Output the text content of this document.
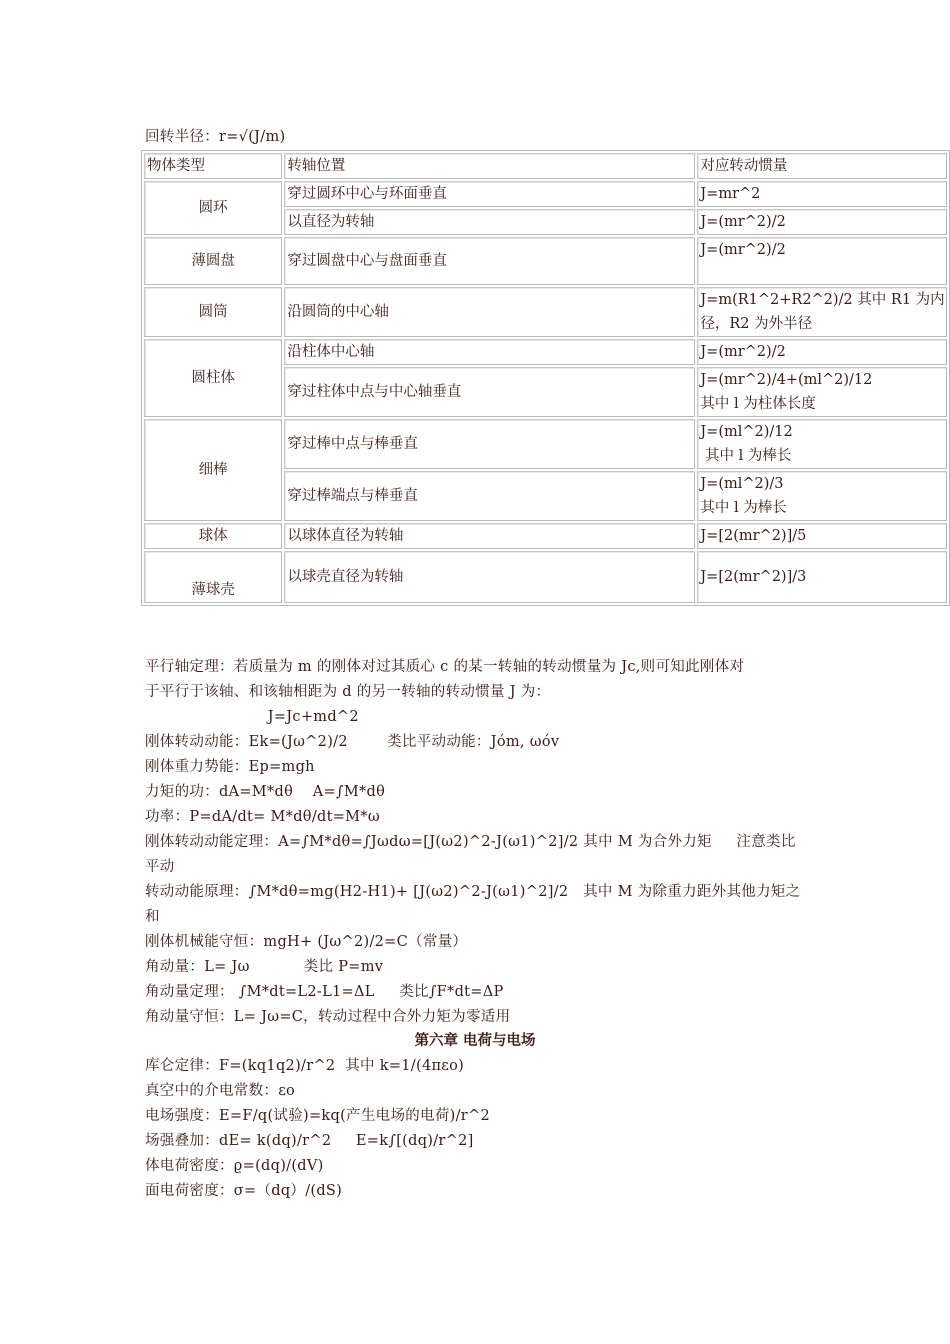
回转半径：r=√(J/m)
物体类型	转轴位置	对应转动惯量
圆环	穿过圆环中心与环面垂直	J=mr^2
	以直径为转轴	J=(mr^2)/2
薄圆盘	穿过圆盘中心与盘面垂直	J=(mr^2)/2
圆筒	沿圆筒的中心轴	J=m(R1^2+R2^2)/2 其中 R1 为内
径，R2 为外半径

圆柱体	沿柱体中心轴	J=(mr^2)/2
	穿过柱体中点与中心轴垂直	J=(mr^2)/4+(ml^2)/12
其中 l 为柱体长度

细棒	穿过棒中点与棒垂直	J=(ml^2)/12
其中 l 为棒长

	穿过棒端点与棒垂直	J=(ml^2)/3
其中 l 为棒长

球体	以球体直径为转轴	J=[2(mr^2)]/5
薄球壳	以球壳直径为转轴	J=[2(mr^2)]/3
平行轴定理：若质量为 m 的刚体对过其质心 c 的某一转轴的转动惯量为 Jc,则可知此刚体对
于平行于该轴、和该轴相距为 d 的另一转轴的转动惯量 J 为：
J=Jc+md^2
刚体转动动能：Ek=(Jω^2)/2        类比平动动能：Jóm, ωóv
刚体重力势能：Ep=mgh
力矩的功：dA=M*dθ    A=∫M*dθ
功率：P=dA/dt= M*dθ/dt=M*ω
刚体转动动能定理：A=∫M*dθ=∫Jωdω=[J(ω2)^2-J(ω1)^2]/2 其中 M 为合外力矩     注意类比
平动
转动动能原理：∫M*dθ=mg(H2-H1)+ [J(ω2)^2-J(ω1)^2]/2   其中 M 为除重力距外其他力矩之
和
刚体机械能守恒：mgH+ (Jω^2)/2=C（常量）
角动量：L= Jω           类比 P=mv
角动量定理： ∫M*dt=L2-L1=ΔL     类比∫F*dt=ΔP
角动量守恒：L= Jω=C，转动过程中合外力矩为零适用
第六章 电荷与电场
库仑定律：F=(kq1q2)/r^2  其中 k=1/(4πεo)
真空中的介电常数：εo
电场强度：E=F/q(试验)=kq(产生电场的电荷)/r^2
场强叠加：dE= k(dq)/r^2     E=k∫[(dq)/r^2]
体电荷密度：ϱ=(dq)/(dV)
面电荷密度：σ=（dq）/(dS)
